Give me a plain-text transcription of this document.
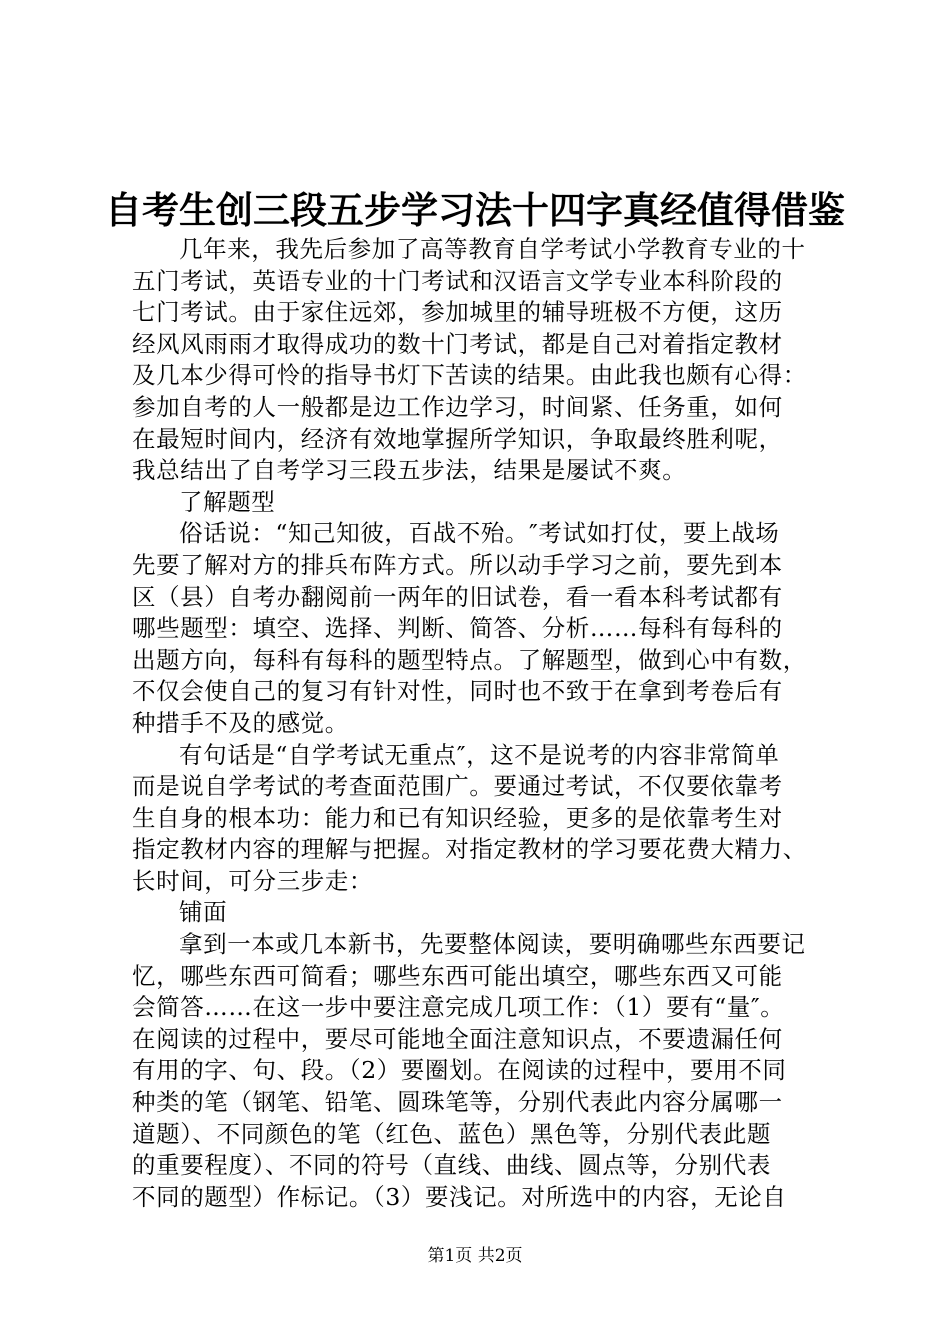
自考生创三段五步学习法十四字真经值得借鉴
几年来，我先后参加了高等教育自学考试小学教育专业的十
五门考试，英语专业的十门考试和汉语言文学专业本科阶段的
七门考试。由于家住远郊，参加城里的辅导班极不方便，这历
经风风雨雨才取得成功的数十门考试，都是自己对着指定教材
及几本少得可怜的指导书灯下苦读的结果。由此我也颇有心得：
参加自考的人一般都是边工作边学习，时间紧、任务重，如何
在最短时间内，经济有效地掌握所学知识，争取最终胜利呢，
我总结出了自考学习三段五步法，结果是屡试不爽。
了解题型
俗话说：“知己知彼，百战不殆。″考试如打仗，要上战场
先要了解对方的排兵布阵方式。所以动手学习之前，要先到本
区（县）自考办翻阅前一两年的旧试卷，看一看本科考试都有
哪些题型：填空、选择、判断、简答、分析……每科有每科的
出题方向，每科有每科的题型特点。了解题型，做到心中有数，
不仅会使自己的复习有针对性，同时也不致于在拿到考卷后有
种措手不及的感觉。
有句话是“自学考试无重点″，这不是说考的内容非常简单
而是说自学考试的考查面范围广。要通过考试，不仅要依靠考
生自身的根本功：能力和已有知识经验，更多的是依靠考生对
指定教材内容的理解与把握。对指定教材的学习要花费大精力、
长时间，可分三步走：
铺面
拿到一本或几本新书，先要整体阅读，要明确哪些东西要记
忆，哪些东西可简看；哪些东西可能出填空，哪些东西又可能
会简答……在这一步中要注意完成几项工作：（1）要有“量″。
在阅读的过程中，要尽可能地全面注意知识点，不要遗漏任何
有用的字、句、段。（2）要圈划。在阅读的过程中，要用不同
种类的笔（钢笔、铅笔、圆珠笔等，分别代表此内容分属哪一
道题）、不同颜色的笔（红色、蓝色）黑色等，分别代表此题
的重要程度）、不同的符号（直线、曲线、圆点等，分别代表
不同的题型）作标记。（3）要浅记。对所选中的内容，无论自
第1页 共2页
